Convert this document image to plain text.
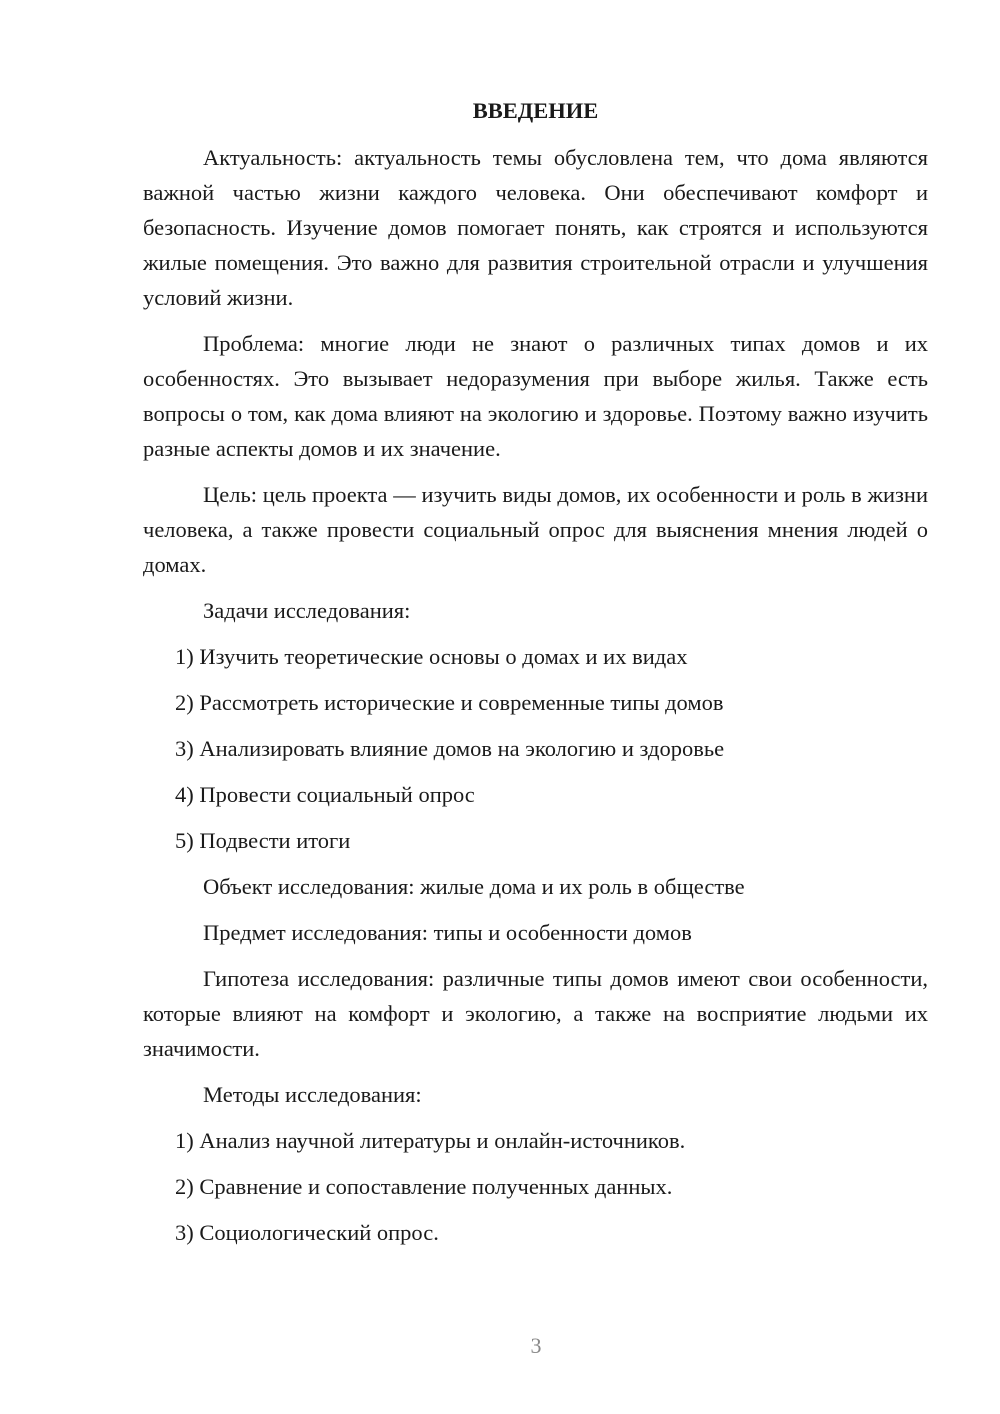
ВВЕДЕНИЕ

Актуальность: актуальность темы обусловлена тем, что дома являются важной частью жизни каждого человека. Они обеспечивают комфорт и безопасность. Изучение домов помогает понять, как строятся и используются жилые помещения. Это важно для развития строительной отрасли и улучшения условий жизни.

Проблема: многие люди не знают о различных типах домов и их особенностях. Это вызывает недоразумения при выборе жилья. Также есть вопросы о том, как дома влияют на экологию и здоровье. Поэтому важно изучить разные аспекты домов и их значение.

Цель: цель проекта — изучить виды домов, их особенности и роль в жизни человека, а также провести социальный опрос для выяснения мнения людей о домах.

Задачи исследования:

1) Изучить теоретические основы о домах и их видах

2) Рассмотреть исторические и современные типы домов

3) Анализировать влияние домов на экологию и здоровье

4) Провести социальный опрос

5) Подвести итоги

Объект исследования: жилые дома и их роль в обществе

Предмет исследования: типы и особенности домов

Гипотеза исследования: различные типы домов имеют свои особенности, которые влияют на комфорт и экологию, а также на восприятие людьми их значимости.

Методы исследования:

1) Анализ научной литературы и онлайн-источников.

2) Сравнение и сопоставление полученных данных.

3) Социологический опрос.

3
